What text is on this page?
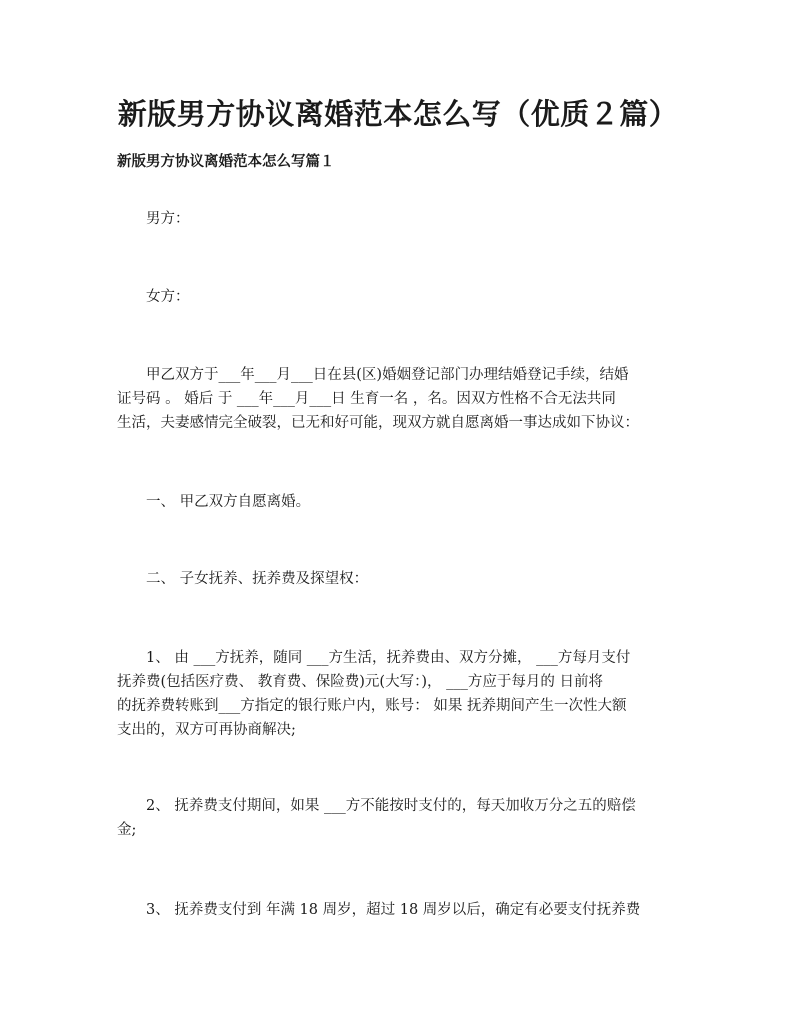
新版男方协议离婚范本怎么写（优质２篇）
新版男方协议离婚范本怎么写篇１

男方：

女方：

甲乙双方于___年___月___日在县(区)婚姻登记部门办理结婚登记手续，结婚
证号码 。 婚后 于 ___年___月___日 生育一名 ，名。因双方性格不合无法共同
生活，夫妻感情完全破裂，已无和好可能，现双方就自愿离婚一事达成如下协议：

一、 甲乙双方自愿离婚。

二、 子女抚养、抚养费及探望权：

1、 由 ___方抚养，随同 ___方生活，抚养费由、双方分摊， ___方每月支付
抚养费(包括医疗费、 教育费、保险费)元(大写：)， ___方应于每月的 日前将
的抚养费转账到___方指定的银行账户内，账号： 如果 抚养期间产生一次性大额
支出的，双方可再协商解决;

2、 抚养费支付期间，如果 ___方不能按时支付的，每天加收万分之五的赔偿
金;

3、 抚养费支付到 年满 18 周岁，超过 18 周岁以后，确定有必要支付抚养费
